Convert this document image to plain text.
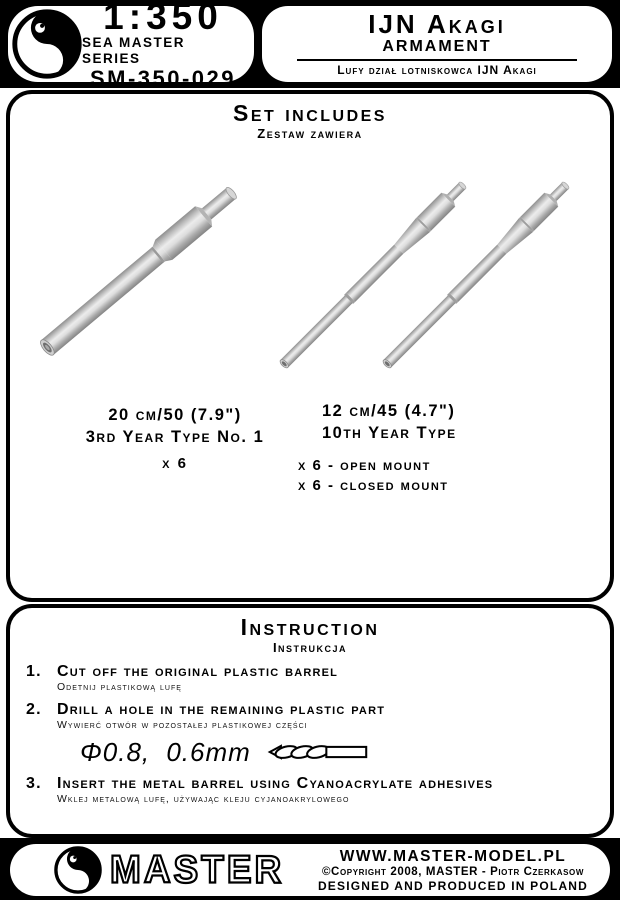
1:350
SEA MASTER SERIES
SM-350-029
IJN Akagi
ARMAMENT
Lufy dział lotniskowca IJN Akagi
Set includes
Zestaw zawiera
20 cm/50 (7.9")
3rd Year Type No. 1
x 6
12 cm/45 (4.7")
10th Year Type
x 6 - open mount
x 6 - closed mount
Instruction
Instrukcja
1. Cut off the original plastic barrel
Odetnij plastikową lufę
2. Drill a hole in the remaining plastic part
Wywierć otwór w pozostałej plastikowej części
Φ0.8, 0.6mm
3. Insert the metal barrel using Cyanoacrylate adhesives
Wklej metalową lufę, używając kleju cyjanoakrylowego
MASTER	WWW.MASTER-MODEL.PL
©Copyright 2008, MASTER - Piotr Czerkasow
DESIGNED AND PRODUCED IN POLAND
